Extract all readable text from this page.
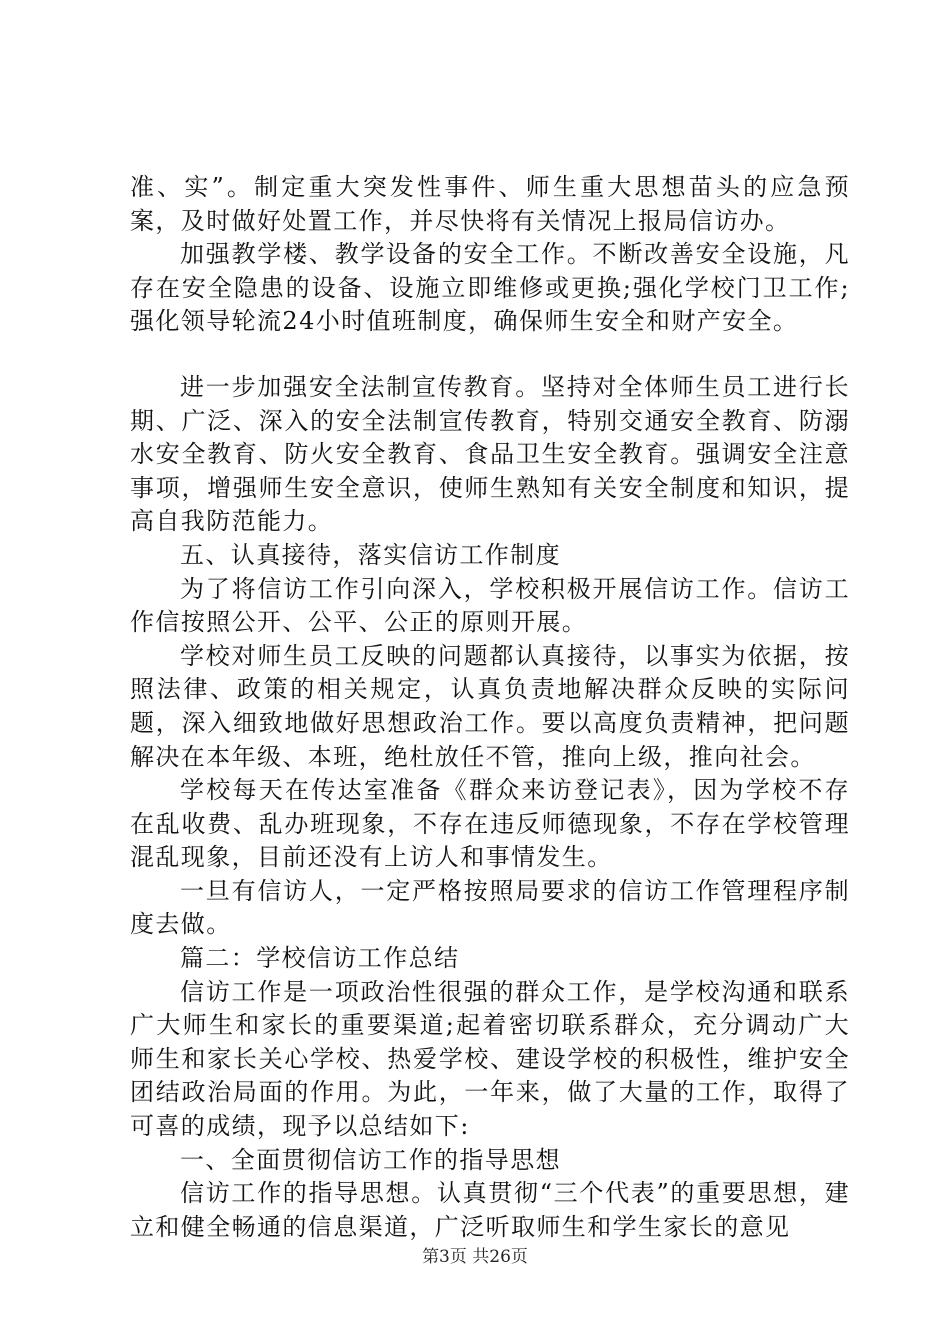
准、实”。制定重大突发性事件、师生重大思想苗头的应急预案，及时做好处置工作，并尽快将有关情况上报局信访办。

加强教学楼、教学设备的安全工作。不断改善安全设施，凡存在安全隐患的设备、设施立即维修或更换;强化学校门卫工作;强化领导轮流24小时值班制度，确保师生安全和财产安全。

进一步加强安全法制宣传教育。坚持对全体师生员工进行长期、广泛、深入的安全法制宣传教育，特别交通安全教育、防溺水安全教育、防火安全教育、食品卫生安全教育。强调安全注意事项，增强师生安全意识，使师生熟知有关安全制度和知识，提高自我防范能力。

五、认真接待，落实信访工作制度

为了将信访工作引向深入，学校积极开展信访工作。信访工作信按照公开、公平、公正的原则开展。

学校对师生员工反映的问题都认真接待，以事实为依据，按照法律、政策的相关规定，认真负责地解决群众反映的实际问题，深入细致地做好思想政治工作。要以高度负责精神，把问题解决在本年级、本班，绝杜放任不管，推向上级，推向社会。

学校每天在传达室准备《群众来访登记表》，因为学校不存在乱收费、乱办班现象，不存在违反师德现象，不存在学校管理混乱现象，目前还没有上访人和事情发生。

一旦有信访人，一定严格按照局要求的信访工作管理程序制度去做。

篇二：学校信访工作总结

信访工作是一项政治性很强的群众工作，是学校沟通和联系广大师生和家长的重要渠道;起着密切联系群众，充分调动广大师生和家长关心学校、热爱学校、建设学校的积极性，维护安全团结政治局面的作用。为此，一年来，做了大量的工作，取得了可喜的成绩，现予以总结如下:

一、全面贯彻信访工作的指导思想

信访工作的指导思想。认真贯彻“三个代表”的重要思想，建立和健全畅通的信息渠道，广泛听取师生和学生家长的意见

第3页 共26页
